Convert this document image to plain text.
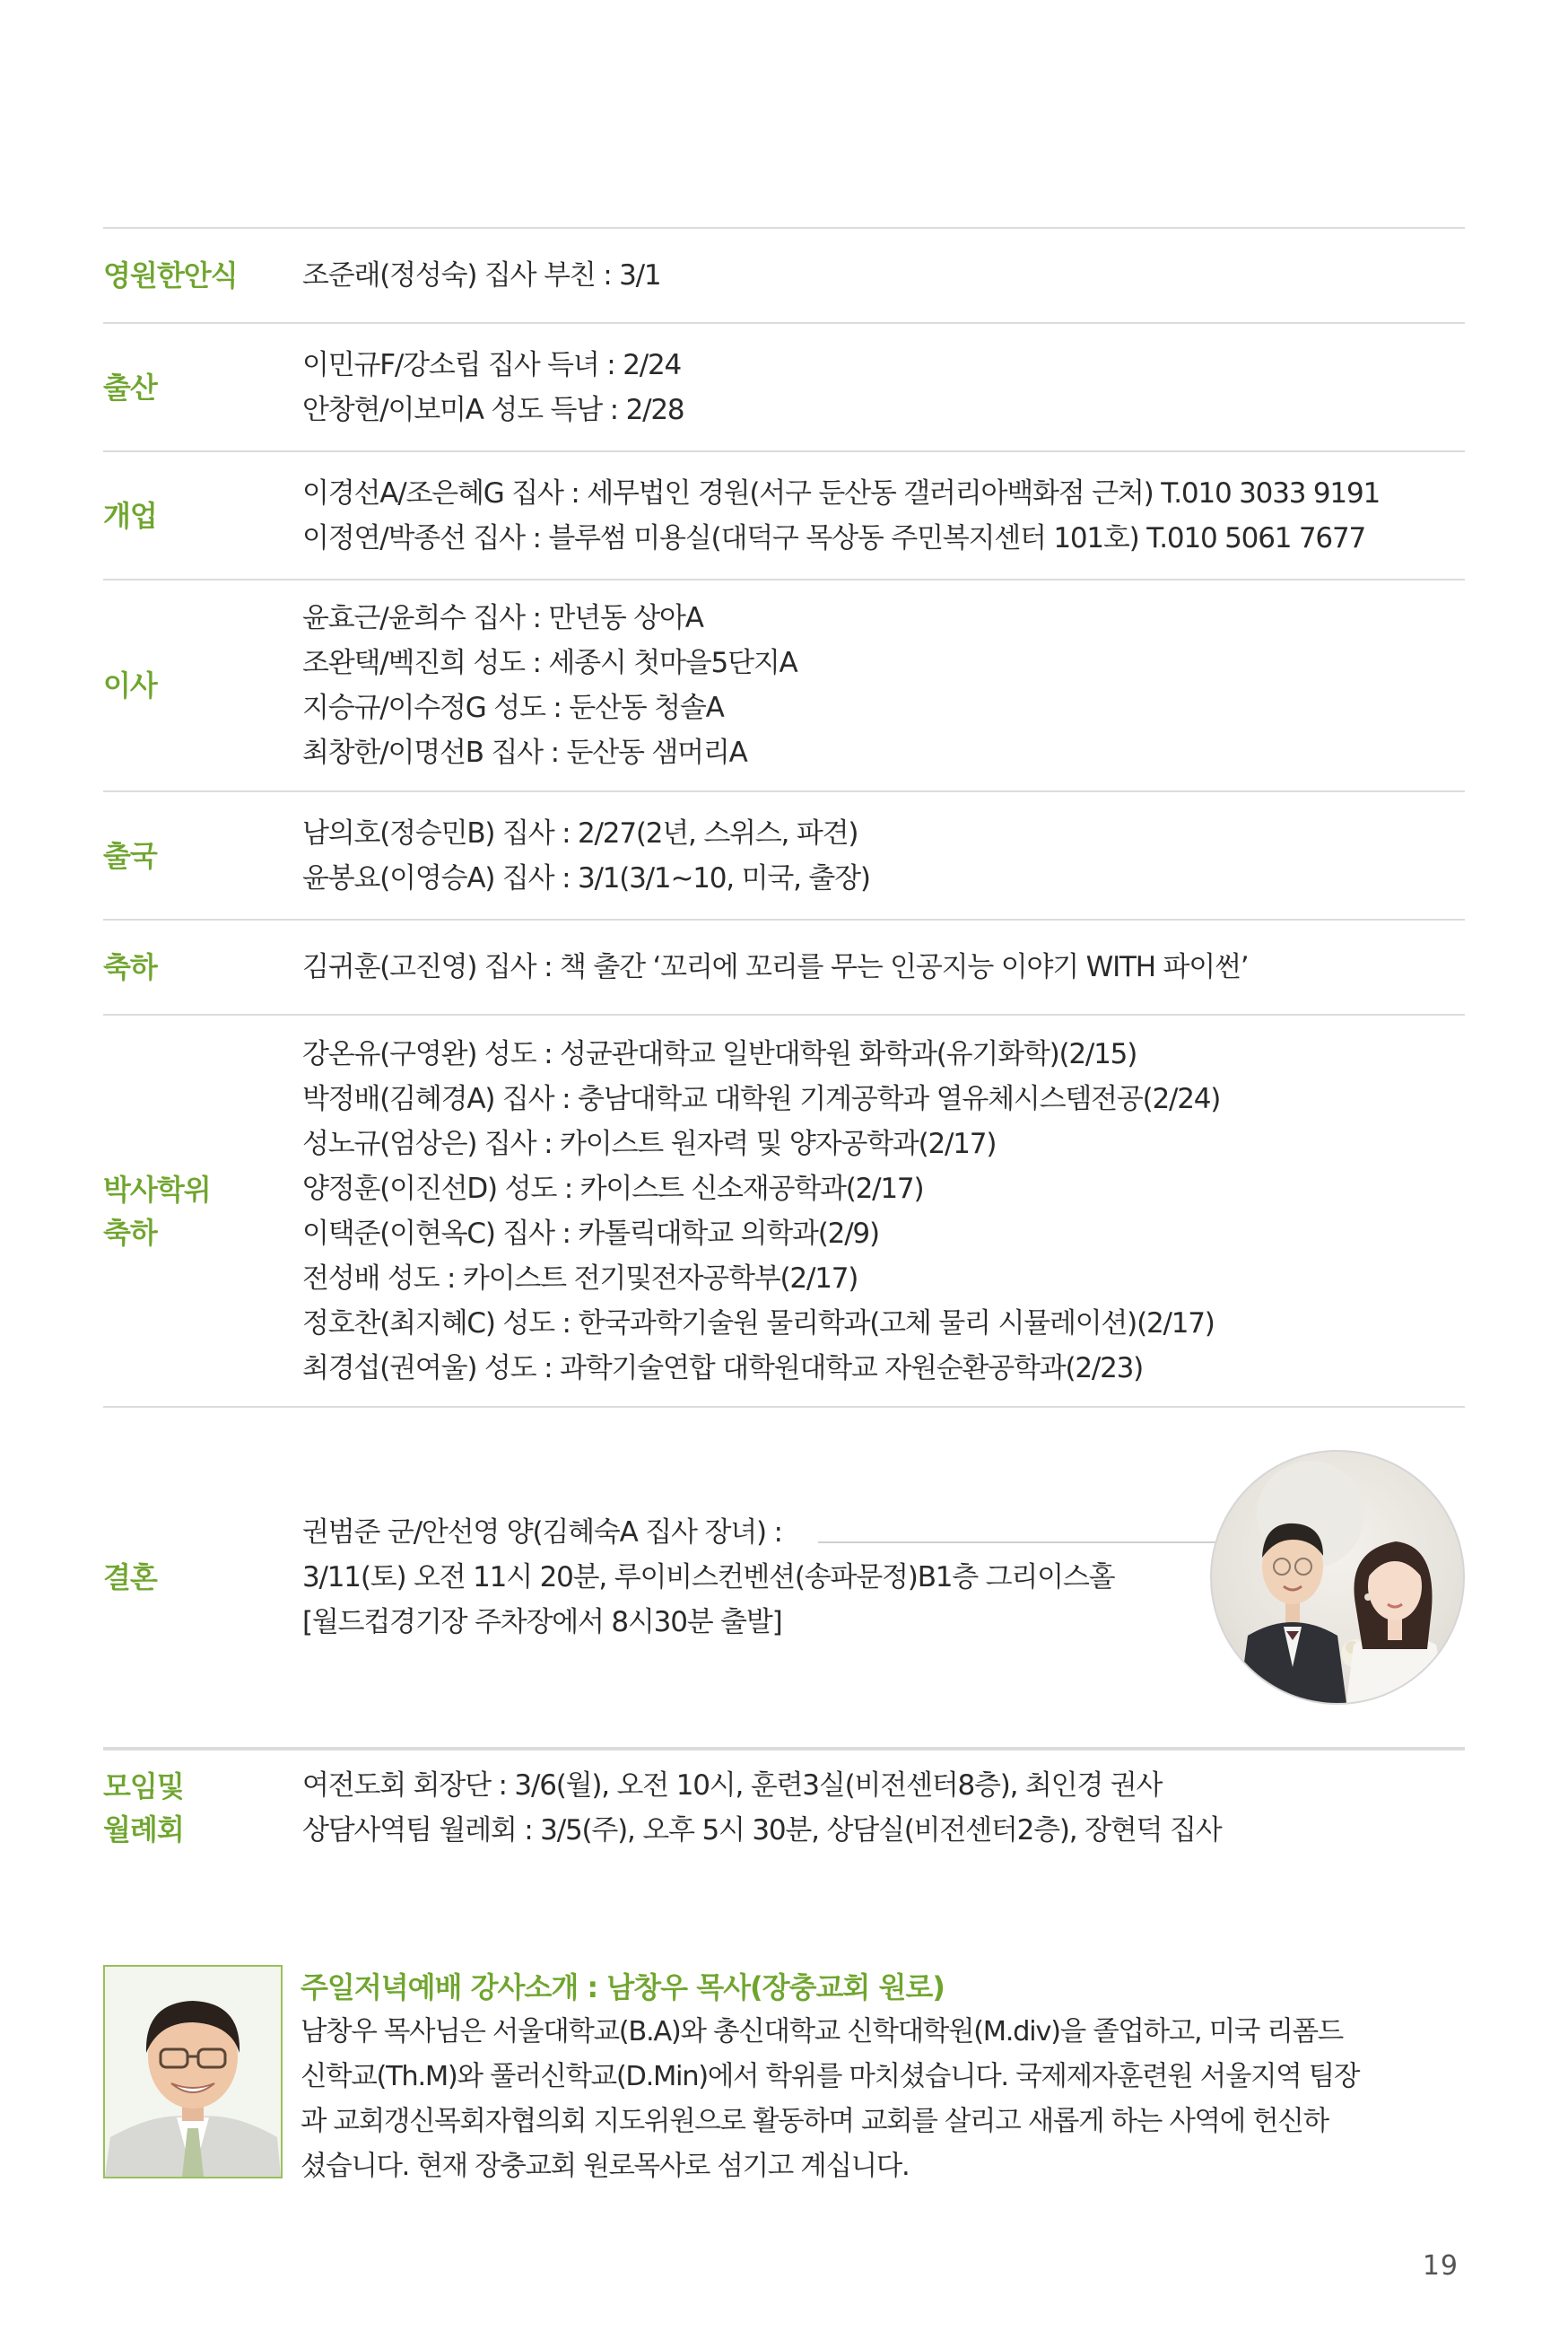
영원한안식 조준래(정성숙) 집사 부친 : 3/1
출산
이민규F/강소립 집사 득녀 : 2/24
안창현/이보미A 성도 득남 : 2/28
개업
이경선A/조은혜G 집사 : 세무법인 경원(서구 둔산동 갤러리아백화점 근처) T.010 3033 9191
이정연/박종선 집사 : 블루썸 미용실(대덕구 목상동 주민복지센터 101호) T.010 5061 7677
이사
윤효근/윤희수 집사 : 만년동 상아A
조완택/벡진희 성도 : 세종시 첫마을5단지A
지승규/이수정G 성도 : 둔산동 청솔A
최창한/이명선B 집사 : 둔산동 샘머리A
출국
남의호(정승민B) 집사 : 2/27(2년, 스위스, 파견)
윤봉요(이영승A) 집사 : 3/1(3/1~10, 미국, 출장)
축하	김귀훈(고진영) 집사 : 책 출간 ‘꼬리에 꼬리를 무는 인공지능 이야기 WITH 파이썬’
박사학위
축하
강온유(구영완) 성도 : 성균관대학교 일반대학원 화학과(유기화학)(2/15)
박정배(김혜경A) 집사 : 충남대학교 대학원 기계공학과 열유체시스템전공(2/24)
성노규(엄상은) 집사 : 카이스트 원자력 및 양자공학과(2/17)
양정훈(이진선D) 성도 : 카이스트 신소재공학과(2/17)
이택준(이현옥C) 집사 : 카톨릭대학교 의학과(2/9)
전성배 성도 : 카이스트 전기및전자공학부(2/17)
정호찬(최지혜C) 성도 : 한국과학기술원 물리학과(고체 물리 시뮬레이션)(2/17)
최경섭(권여울) 성도 : 과학기술연합 대학원대학교 자원순환공학과(2/23)
결혼
권범준 군/안선영 양(김혜숙A 집사 장녀) :
3/11(토) 오전 11시 20분, 루이비스컨벤션(송파문정)B1층 그리이스홀
[월드컵경기장 주차장에서 8시30분 출발]
모임및
월례회
여전도회 회장단 : 3/6(월), 오전 10시, 훈련3실(비전센터8층), 최인경 권사
상담사역팀 월레회 : 3/5(주), 오후 5시 30분, 상담실(비전센터2층), 장현덕 집사
주일저녁예배 강사소개 : 남창우 목사(장충교회 원로)
남창우 목사님은 서울대학교(B.A)와 총신대학교 신학대학원(M.div)을 졸업하고, 미국 리폼드
신학교(Th.M)와 풀러신학교(D.Min)에서 학위를 마치셨습니다. 국제제자훈련원 서울지역 팀장
과 교회갱신목회자협의회 지도위원으로 활동하며 교회를 살리고 새롭게 하는 사역에 헌신하
셨습니다. 현재 장충교회 원로목사로 섬기고 계십니다.
19
